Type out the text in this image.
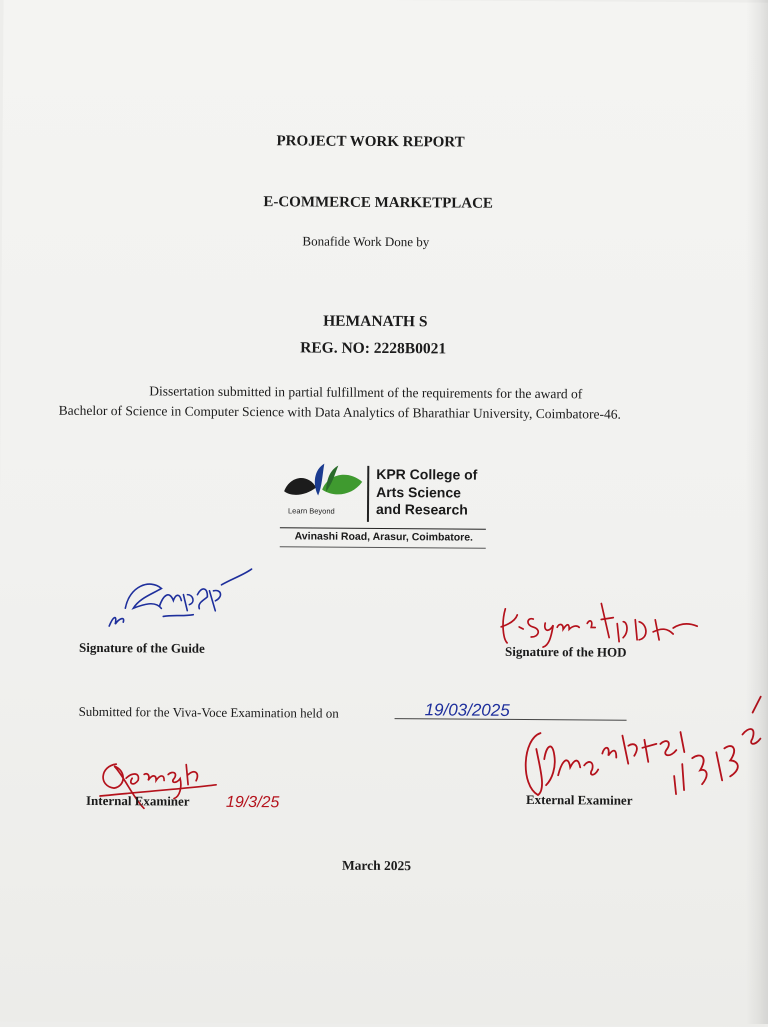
PROJECT WORK REPORT
E-COMMERCE MARKETPLACE
Bonafide Work Done by
HEMANATH S
REG. NO: 2228B0021
Dissertation submitted in partial fulfillment of the requirements for the award of
Bachelor of Science in Computer Science with Data Analytics of Bharathiar University, Coimbatore-46.
Learn Beyond
KPR College of
Arts Science
and Research
Avinashi Road, Arasur, Coimbatore.
Signature of the Guide	Signature of the HOD
Submitted for the Viva-Voce Examination held on	19/03/2025
19/3/25
Internal Examiner	External Examiner
March 2025
